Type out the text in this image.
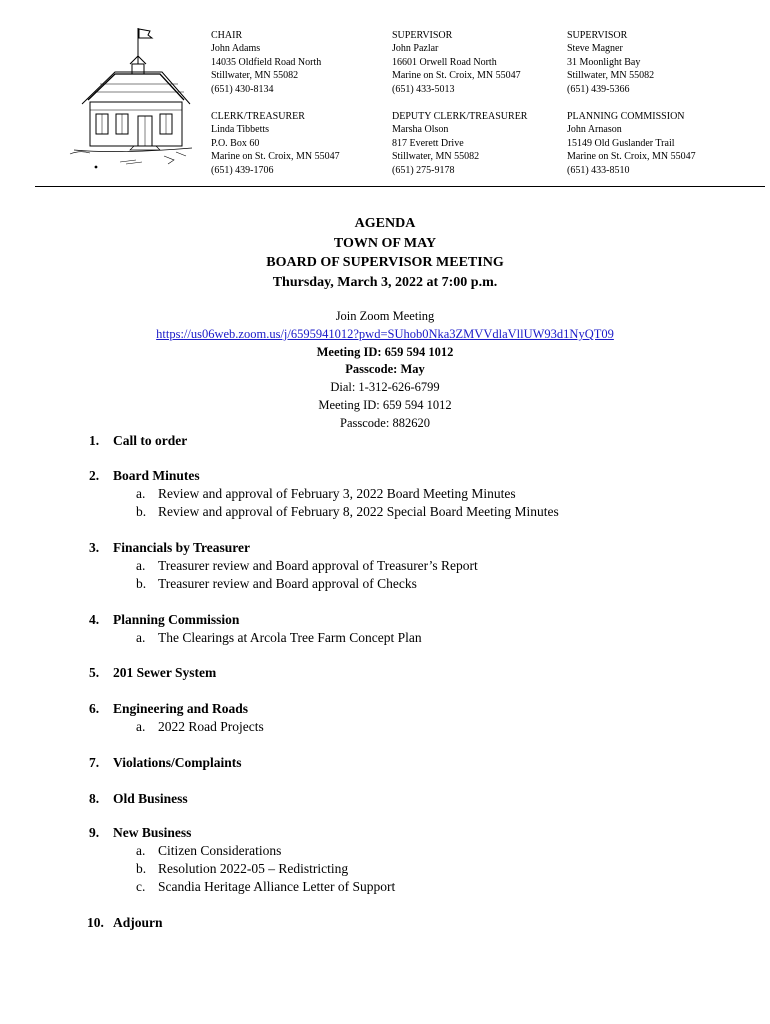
CHAIR
John Adams
14035 Oldfield Road North
Stillwater, MN 55082
(651) 430-8134
SUPERVISOR
John Pazlar
16601 Orwell Road North
Marine on St. Croix, MN 55047
(651) 433-5013
SUPERVISOR
Steve Magner
31 Moonlight Bay
Stillwater, MN 55082
(651) 439-5366
CLERK/TREASURER
Linda Tibbetts
P.O. Box 60
Marine on St. Croix, MN 55047
(651) 439-1706
DEPUTY CLERK/TREASURER
Marsha Olson
817 Everett Drive
Stillwater, MN 55082
(651) 275-9178
PLANNING COMMISSION
John Arnason
15149 Old Guslander Trail
Marine on St. Croix, MN 55047
(651) 433-8510
AGENDA
TOWN OF MAY
BOARD OF SUPERVISOR MEETING
Thursday, March 3, 2022 at 7:00 p.m.
Join Zoom Meeting
https://us06web.zoom.us/j/6595941012?pwd=SUhob0Nka3ZMVVdlaVllUW93d1NyQT09
Meeting ID: 659 594 1012
Passcode: May
Dial: 1-312-626-6799
Meeting ID: 659 594 1012
Passcode: 882620
1. Call to order
2. Board Minutes
a. Review and approval of February 3, 2022 Board Meeting Minutes
b. Review and approval of February 8, 2022 Special Board Meeting Minutes
3. Financials by Treasurer
a. Treasurer review and Board approval of Treasurer’s Report
b. Treasurer review and Board approval of Checks
4. Planning Commission
a. The Clearings at Arcola Tree Farm Concept Plan
5. 201 Sewer System
6. Engineering and Roads
a. 2022 Road Projects
7. Violations/Complaints
8. Old Business
9. New Business
a. Citizen Considerations
b. Resolution 2022-05 – Redistricting
c. Scandia Heritage Alliance Letter of Support
10. Adjourn
